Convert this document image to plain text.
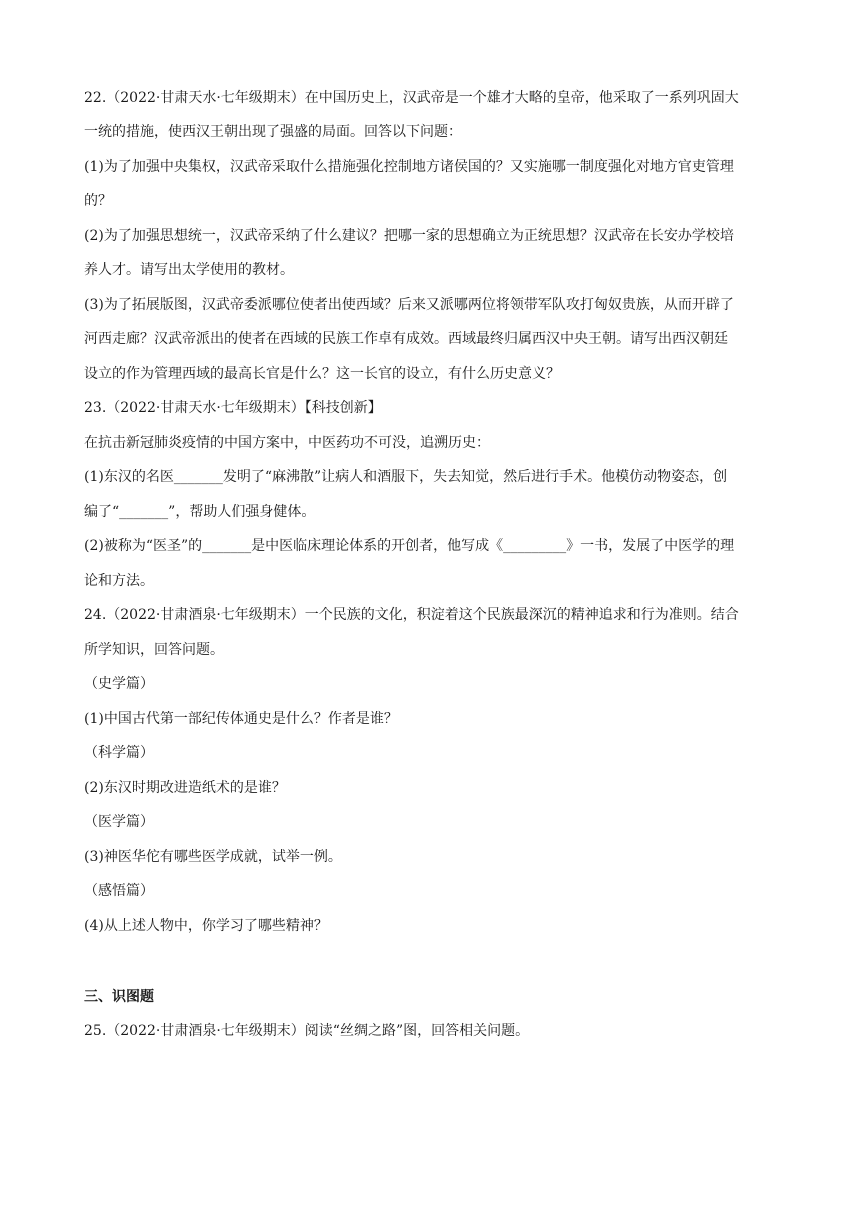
22.（2022·甘肃天水·七年级期末）在中国历史上，汉武帝是一个雄才大略的皇帝，他采取了一系列巩固大
一统的措施，使西汉王朝出现了强盛的局面。回答以下问题：
(1)为了加强中央集权，汉武帝采取什么措施强化控制地方诸侯国的？又实施哪一制度强化对地方官吏管理
的？
(2)为了加强思想统一，汉武帝采纳了什么建议？把哪一家的思想确立为正统思想？汉武帝在长安办学校培
养人才。请写出太学使用的教材。
(3)为了拓展版图，汉武帝委派哪位使者出使西域？后来又派哪两位将领带军队攻打匈奴贵族，从而开辟了
河西走廊？汉武帝派出的使者在西域的民族工作卓有成效。西域最终归属西汉中央王朝。请写出西汉朝廷
设立的作为管理西域的最高长官是什么？这一长官的设立，有什么历史意义？
23.（2022·甘肃天水·七年级期末）【科技创新】
在抗击新冠肺炎疫情的中国方案中，中医药功不可没，追溯历史：
(1)东汉的名医_______发明了“麻沸散”让病人和酒服下，失去知觉，然后进行手术。他模仿动物姿态，创
编了“_______”，帮助人们强身健体。
(2)被称为“医圣”的_______是中医临床理论体系的开创者，他写成《_________》一书，发展了中医学的理
论和方法。
24.（2022·甘肃酒泉·七年级期末）一个民族的文化，积淀着这个民族最深沉的精神追求和行为准则。结合
所学知识，回答问题。
（史学篇）
(1)中国古代第一部纪传体通史是什么？作者是谁？
（科学篇）
(2)东汉时期改进造纸术的是谁？
（医学篇）
(3)神医华佗有哪些医学成就，试举一例。
（感悟篇）
(4)从上述人物中，你学习了哪些精神？
三、识图题
25.（2022·甘肃酒泉·七年级期末）阅读“丝绸之路”图，回答相关问题。
